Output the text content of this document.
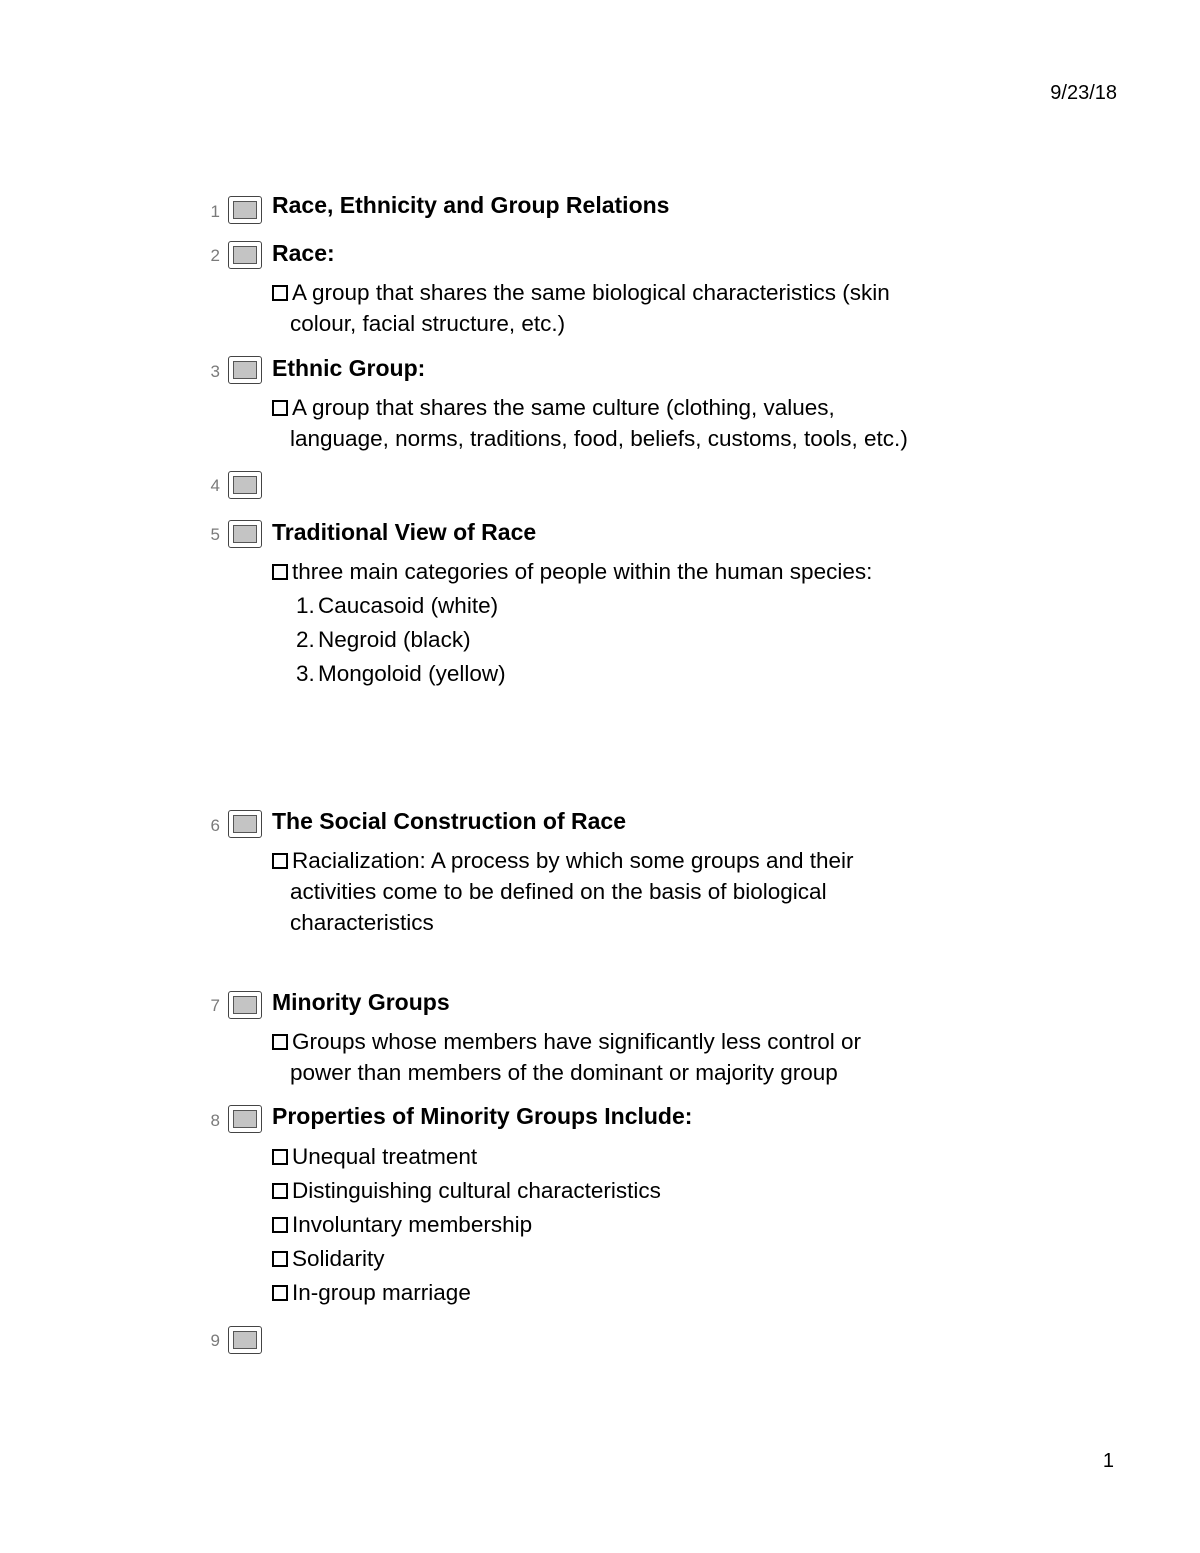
9/23/18
1 Race, Ethnicity and Group Relations
2 Race:
A group that shares the same biological characteristics (skin
colour, facial structure, etc.)
3 Ethnic Group:
A group that shares the same culture (clothing, values,
language, norms, traditions, food, beliefs, customs, tools, etc.)
4
5 Traditional View of Race
three main categories of people within the human species:
1. Caucasoid (white)
2. Negroid (black)
3. Mongoloid (yellow)
6 The Social Construction of Race
Racialization: A process by which some groups and their
activities come to be defined on the basis of biological
characteristics
7 Minority Groups
Groups whose members have significantly less control or
power than members of the dominant or majority group
8 Properties of Minority Groups Include:
Unequal treatment
Distinguishing cultural characteristics
Involuntary membership
Solidarity
In-group marriage
9
1
